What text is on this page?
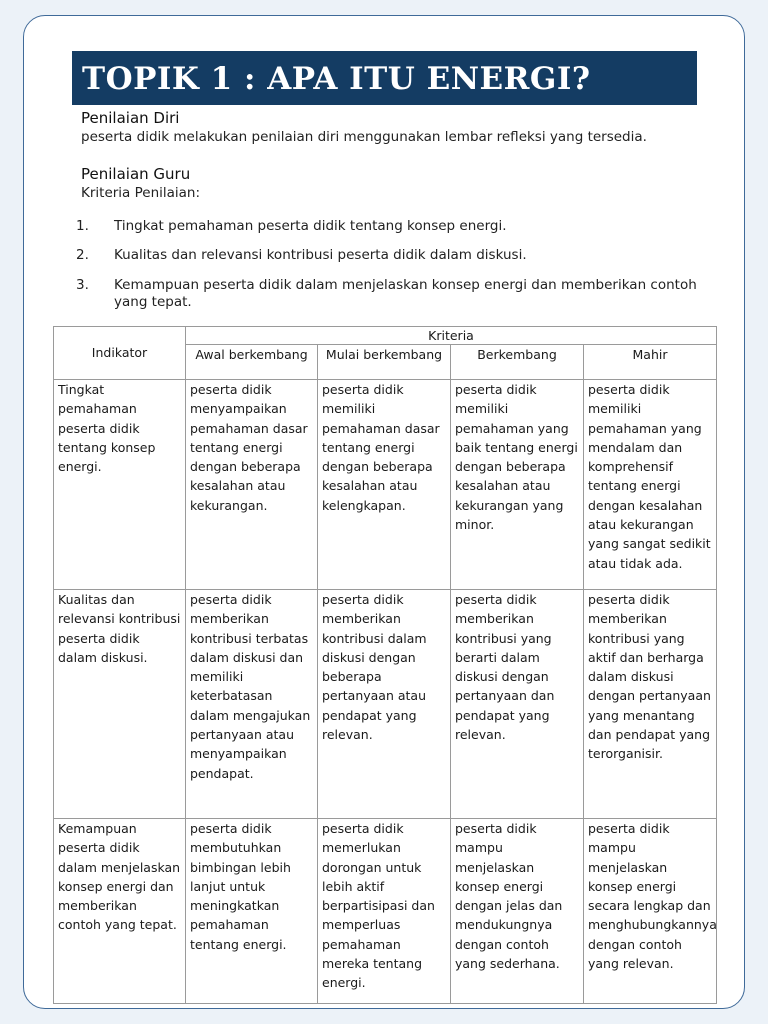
TOPIK 1 : APA ITU ENERGI?
Penilaian Diri
peserta didik melakukan penilaian diri menggunakan lembar refleksi yang tersedia.
Penilaian Guru
Kriteria Penilaian:
1. Tingkat pemahaman peserta didik tentang konsep energi.
2. Kualitas dan relevansi kontribusi peserta didik dalam diskusi.
3. Kemampuan peserta didik dalam menjelaskan konsep energi dan memberikan contoh yang tepat.
Indikator	Kriteria			
	Awal berkembang	Mulai berkembang	Berkembang	Mahir
Tingkat pemahaman peserta didik tentang konsep energi.	peserta didik menyampaikan pemahaman dasar tentang energi dengan beberapa kesalahan atau kekurangan.	peserta didik memiliki pemahaman dasar tentang energi dengan beberapa kesalahan atau kelengkapan.	peserta didik memiliki pemahaman yang baik tentang energi dengan beberapa kesalahan atau kekurangan yang minor.	peserta didik memiliki pemahaman yang mendalam dan komprehensif tentang energi dengan kesalahan atau kekurangan yang sangat sedikit atau tidak ada.
Kualitas dan relevansi kontribusi peserta didik dalam diskusi.	peserta didik memberikan kontribusi terbatas dalam diskusi dan memiliki keterbatasan dalam mengajukan pertanyaan atau menyampaikan pendapat.	peserta didik memberikan kontribusi dalam diskusi dengan beberapa pertanyaan atau pendapat yang relevan.	peserta didik memberikan kontribusi yang berarti dalam diskusi dengan pertanyaan dan pendapat yang relevan.	peserta didik memberikan kontribusi yang aktif dan berharga dalam diskusi dengan pertanyaan yang menantang dan pendapat yang terorganisir.
Kemampuan peserta didik dalam menjelaskan konsep energi dan memberikan contoh yang tepat.	peserta didik membutuhkan bimbingan lebih lanjut untuk meningkatkan pemahaman tentang energi.	peserta didik memerlukan dorongan untuk lebih aktif berpartisipasi dan memperluas pemahaman mereka tentang energi.	peserta didik mampu menjelaskan konsep energi dengan jelas dan mendukungnya dengan contoh yang sederhana.	peserta didik mampu menjelaskan konsep energi secara lengkap dan menghubungkannya dengan contoh yang relevan.
